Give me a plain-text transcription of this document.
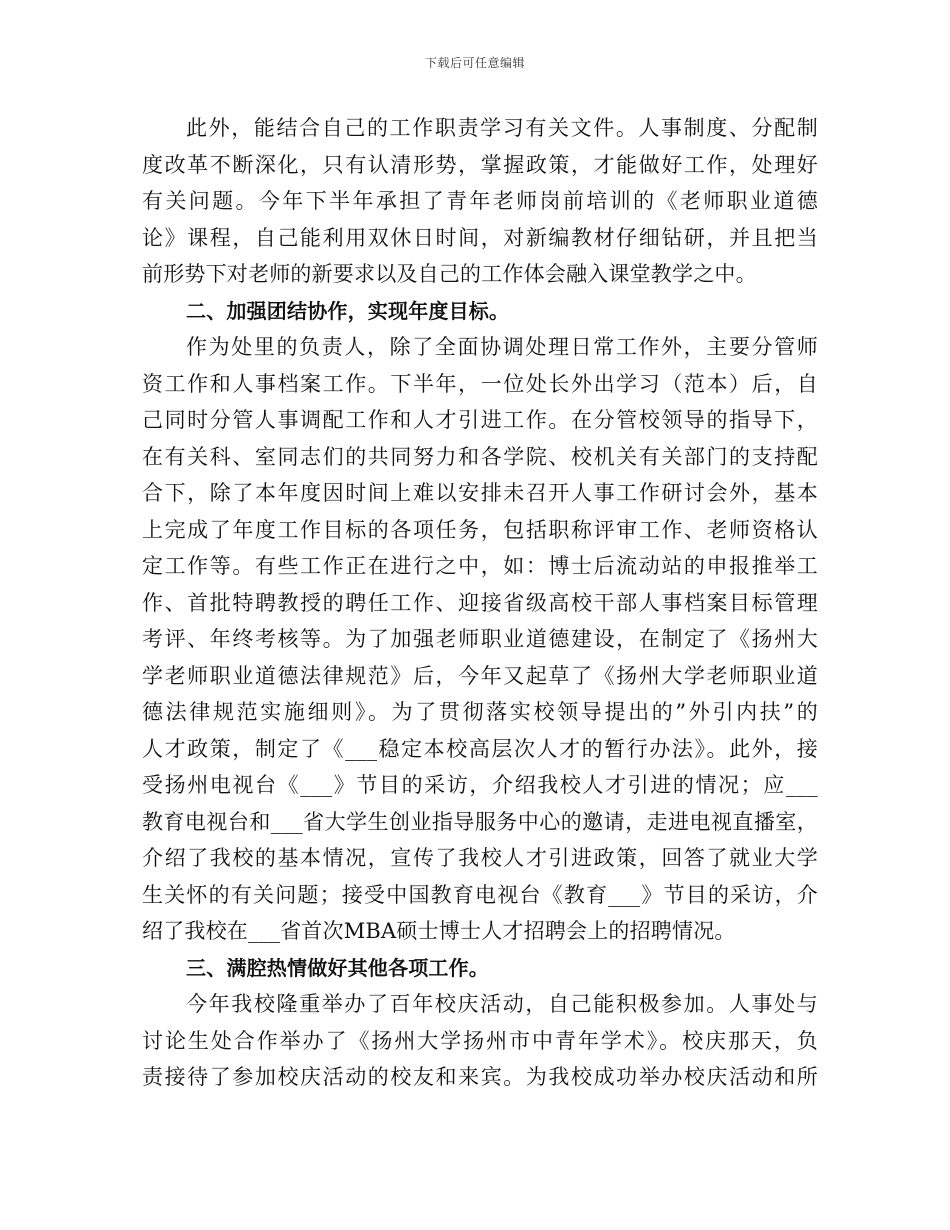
下载后可任意编辑
此外，能结合自己的工作职责学习有关文件。人事制度、分配制
度改革不断深化，只有认清形势，掌握政策，才能做好工作，处理好
有关问题。今年下半年承担了青年老师岗前培训的《老师职业道德
论》课程，自己能利用双休日时间，对新编教材仔细钻研，并且把当
前形势下对老师的新要求以及自己的工作体会融入课堂教学之中。
二、加强团结协作，实现年度目标。
作为处里的负责人，除了全面协调处理日常工作外，主要分管师
资工作和人事档案工作。下半年，一位处长外出学习（范本）后，自
己同时分管人事调配工作和人才引进工作。在分管校领导的指导下，
在有关科、室同志们的共同努力和各学院、校机关有关部门的支持配
合下，除了本年度因时间上难以安排未召开人事工作研讨会外，基本
上完成了年度工作目标的各项任务，包括职称评审工作、老师资格认
定工作等。有些工作正在进行之中，如：博士后流动站的申报推举工
作、首批特聘教授的聘任工作、迎接省级高校干部人事档案目标管理
考评、年终考核等。为了加强老师职业道德建设，在制定了《扬州大
学老师职业道德法律规范》后，今年又起草了《扬州大学老师职业道
德法律规范实施细则》。为了贯彻落实校领导提出的”外引内扶”的
人才政策，制定了《___稳定本校高层次人才的暂行办法》。此外，接
受扬州电视台《___》节目的采访，介绍我校人才引进的情况；应___
教育电视台和___省大学生创业指导服务中心的邀请，走进电视直播室，
介绍了我校的基本情况，宣传了我校人才引进政策，回答了就业大学
生关怀的有关问题；接受中国教育电视台《教育___》节目的采访，介
绍了我校在___省首次MBA硕士博士人才招聘会上的招聘情况。
三、满腔热情做好其他各项工作。
今年我校隆重举办了百年校庆活动，自己能积极参加。人事处与
讨论生处合作举办了《扬州大学扬州市中青年学术》。校庆那天，负
责接待了参加校庆活动的校友和来宾。为我校成功举办校庆活动和所
